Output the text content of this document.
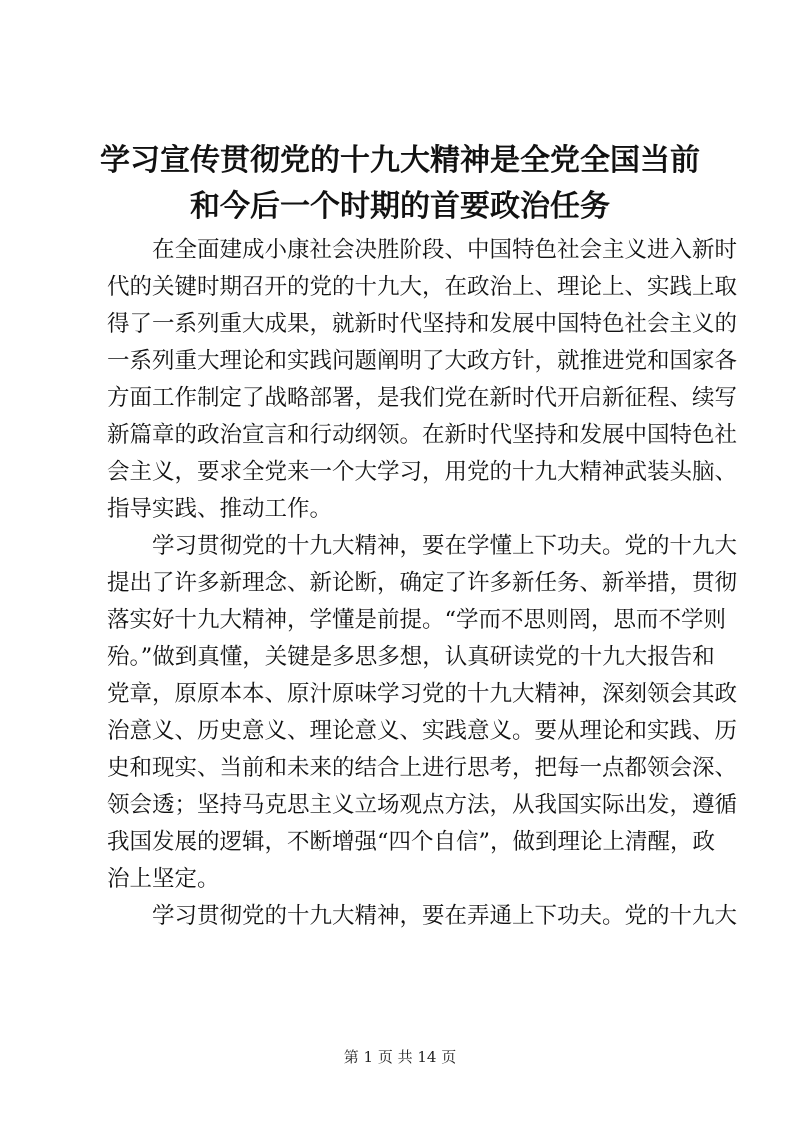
学习宣传贯彻党的十九大精神是全党全国当前
和今后一个时期的首要政治任务
在全面建成小康社会决胜阶段、中国特色社会主义进入新时
代的关键时期召开的党的十九大，在政治上、理论上、实践上取
得了一系列重大成果，就新时代坚持和发展中国特色社会主义的
一系列重大理论和实践问题阐明了大政方针，就推进党和国家各
方面工作制定了战略部署，是我们党在新时代开启新征程、续写
新篇章的政治宣言和行动纲领。在新时代坚持和发展中国特色社
会主义，要求全党来一个大学习，用党的十九大精神武装头脑、
指导实践、推动工作。
学习贯彻党的十九大精神，要在学懂上下功夫。党的十九大
提出了许多新理念、新论断，确定了许多新任务、新举措，贯彻
落实好十九大精神，学懂是前提。“学而不思则罔，思而不学则
殆。”做到真懂，关键是多思多想，认真研读党的十九大报告和
党章，原原本本、原汁原味学习党的十九大精神，深刻领会其政
治意义、历史意义、理论意义、实践意义。要从理论和实践、历
史和现实、当前和未来的结合上进行思考，把每一点都领会深、
领会透；坚持马克思主义立场观点方法，从我国实际出发，遵循
我国发展的逻辑，不断增强“四个自信”，做到理论上清醒，政
治上坚定。
学习贯彻党的十九大精神，要在弄通上下功夫。党的十九大
第 1 页 共 14 页
